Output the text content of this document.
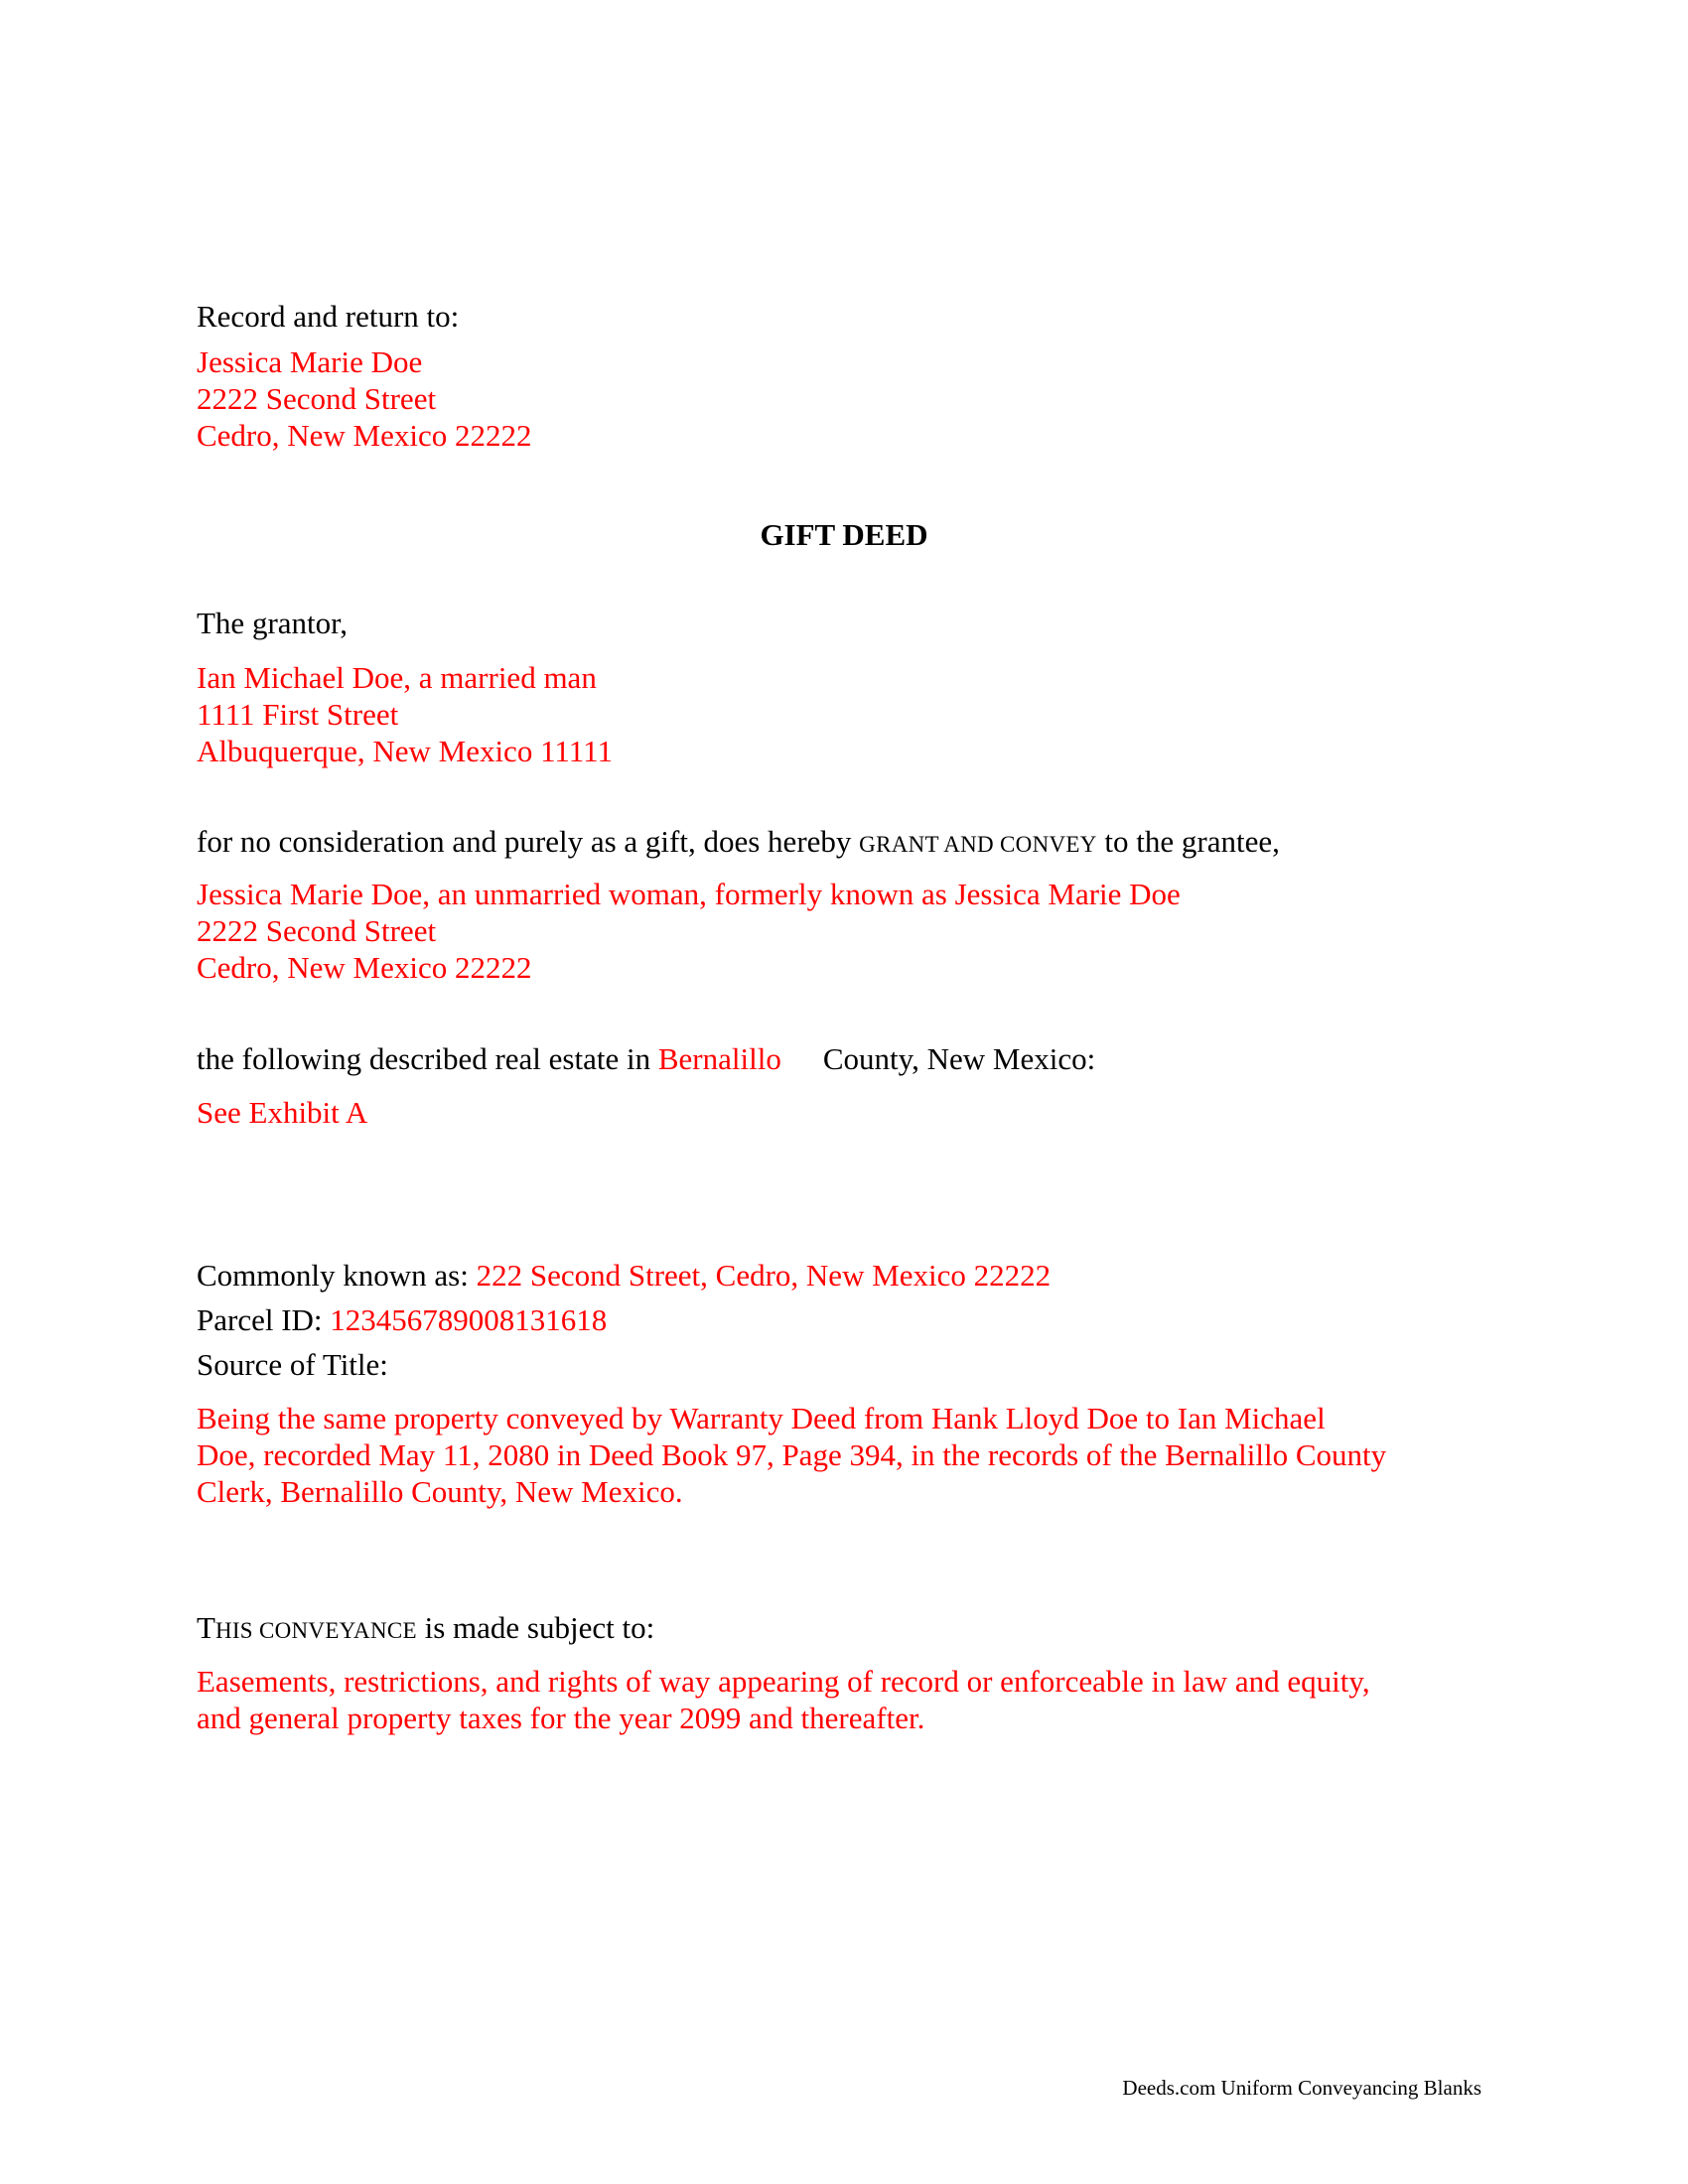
Record and return to:
Jessica Marie Doe
2222 Second Street
Cedro, New Mexico 22222
GIFT DEED
The grantor,
Ian Michael Doe, a married man
1111 First Street
Albuquerque, New Mexico 11111
for no consideration and purely as a gift, does hereby GRANT AND CONVEY to the grantee,
Jessica Marie Doe, an unmarried woman, formerly known as Jessica Marie Doe
2222 Second Street
Cedro, New Mexico 22222
the following described real estate in Bernalillo County, New Mexico:
See Exhibit A
Commonly known as: 222 Second Street, Cedro, New Mexico 22222
Parcel ID: 123456789008131618
Source of Title:
Being the same property conveyed by Warranty Deed from Hank Lloyd Doe to Ian Michael
Doe, recorded May 11, 2080 in Deed Book 97, Page 394, in the records of the Bernalillo County
Clerk, Bernalillo County, New Mexico.
THIS CONVEYANCE is made subject to:
Easements, restrictions, and rights of way appearing of record or enforceable in law and equity,
and general property taxes for the year 2099 and thereafter.
Deeds.com Uniform Conveyancing Blanks
